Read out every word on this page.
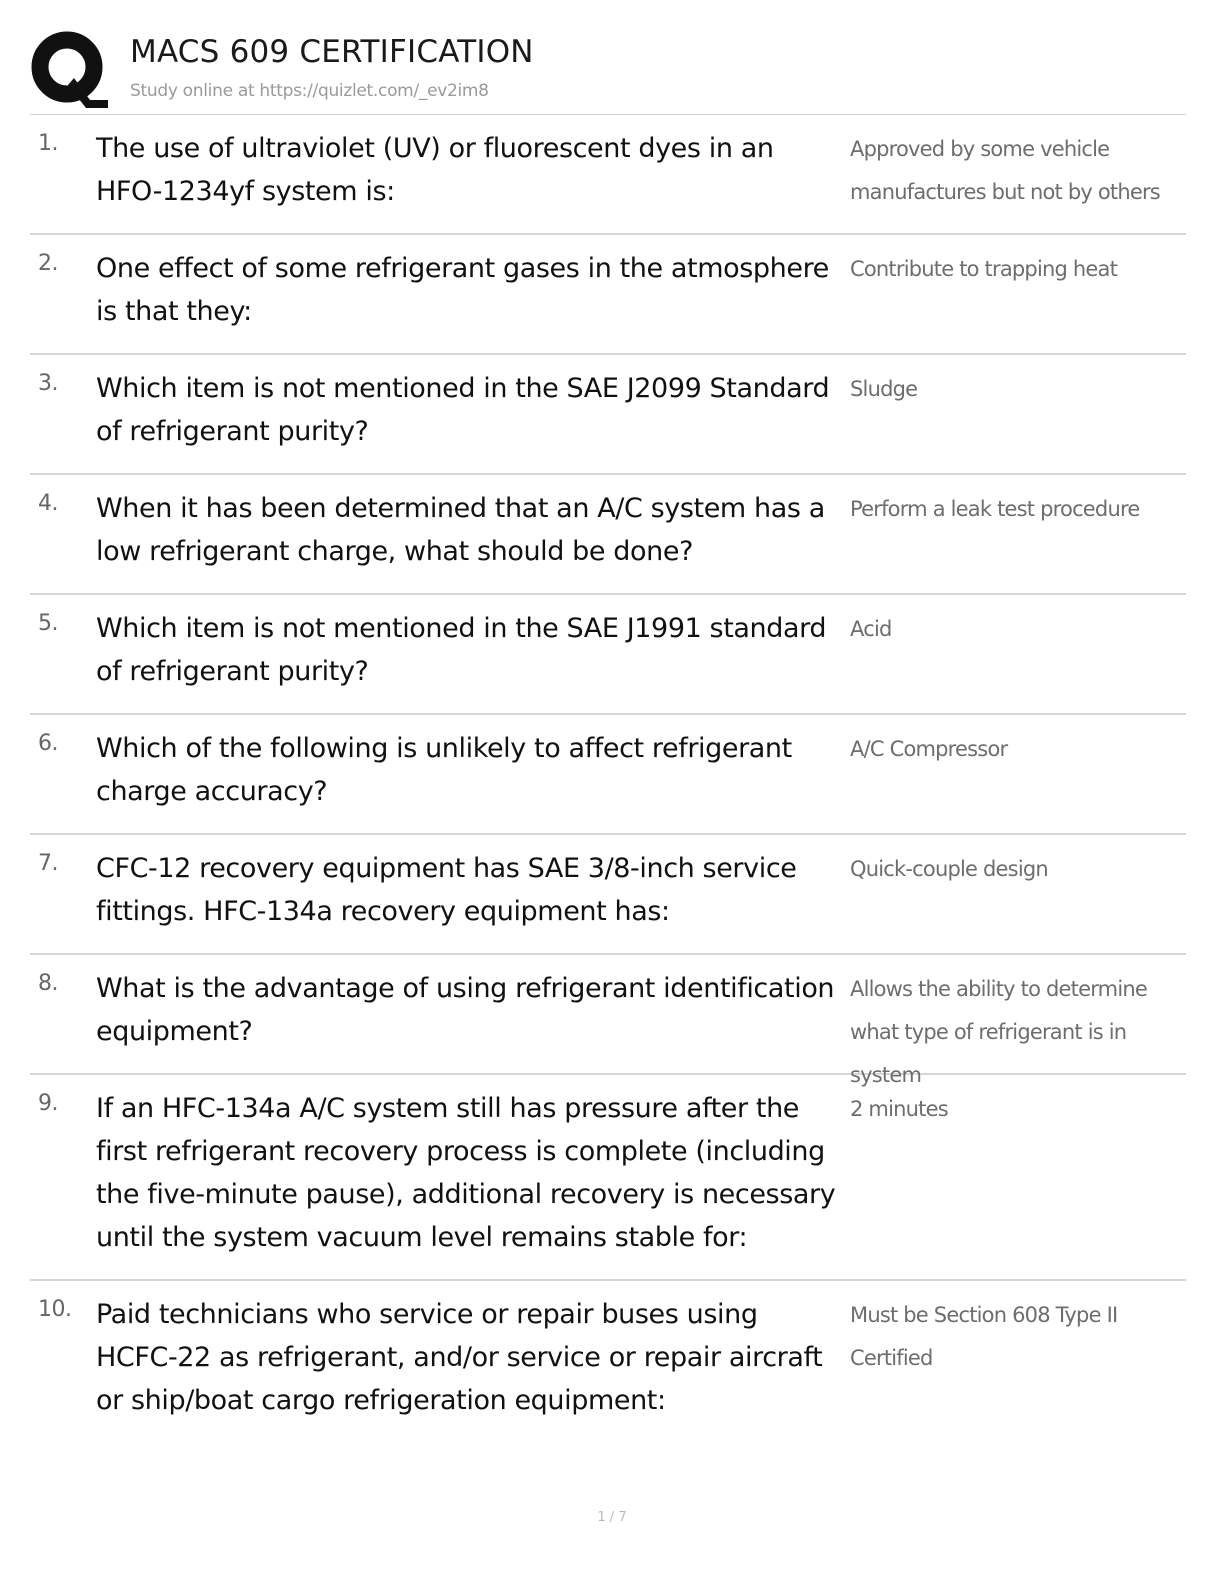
MACS 609 CERTIFICATION
Study online at https://quizlet.com/_ev2im8
1.	The use of ultraviolet (UV) or fluorescent dyes in an HFO-1234yf system is:
Approved by some vehicle manufactures but not by others
2.	One effect of some refrigerant gases in the atmosphere is that they:
Contribute to trapping heat
3.	Which item is not mentioned in the SAE J2099 Standard of refrigerant purity?
Sludge
4.	When it has been determined that an A/C system has a low refrigerant charge, what should be done?
Perform a leak test procedure
5.	Which item is not mentioned in the SAE J1991 standard of refrigerant purity?
Acid
6.	Which of the following is unlikely to affect refrigerant charge accuracy?
A/C Compressor
7.	CFC-12 recovery equipment has SAE 3/8-inch service fittings. HFC-134a recovery equipment has:
Quick-couple design
8.	What is the advantage of using refrigerant identification equipment?
Allows the ability to determine what type of refrigerant is in system
9.	If an HFC-134a A/C system still has pressure after the first refrigerant recovery process is complete (including the five-minute pause), additional recovery is necessary until the system vacuum level remains stable for:
2 minutes
10. Paid technicians who service or repair buses using HCFC-22 as refrigerant, and/or service or repair aircraft or ship/boat cargo refrigeration equipment:
Must be Section 608 Type II Certified
1 / 7
